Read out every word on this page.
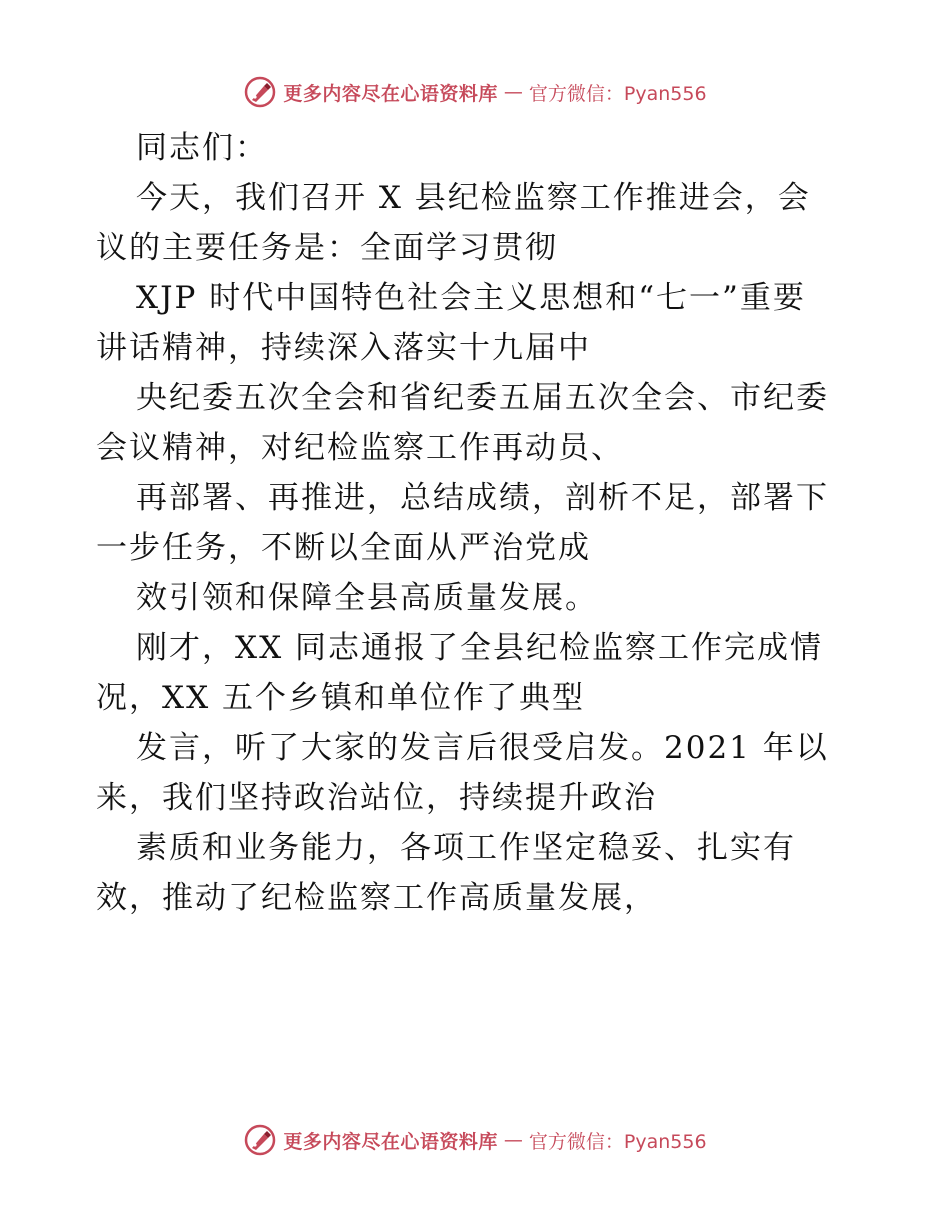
更多内容尽在心语资料库 — 官方微信：Pyan556
同志们：
今天，我们召开 X 县纪检监察工作推进会，会
议的主要任务是：全面学习贯彻
XJP 时代中国特色社会主义思想和“七一”重要
讲话精神，持续深入落实十九届中
央纪委五次全会和省纪委五届五次全会、市纪委
会议精神，对纪检监察工作再动员、
再部署、再推进，总结成绩，剖析不足，部署下
一步任务，不断以全面从严治党成
效引领和保障全县高质量发展。
刚才，XX 同志通报了全县纪检监察工作完成情
况，XX 五个乡镇和单位作了典型
发言，听了大家的发言后很受启发。2021 年以
来，我们坚持政治站位，持续提升政治
素质和业务能力，各项工作坚定稳妥、扎实有
效，推动了纪检监察工作高质量发展，
更多内容尽在心语资料库 — 官方微信：Pyan556
